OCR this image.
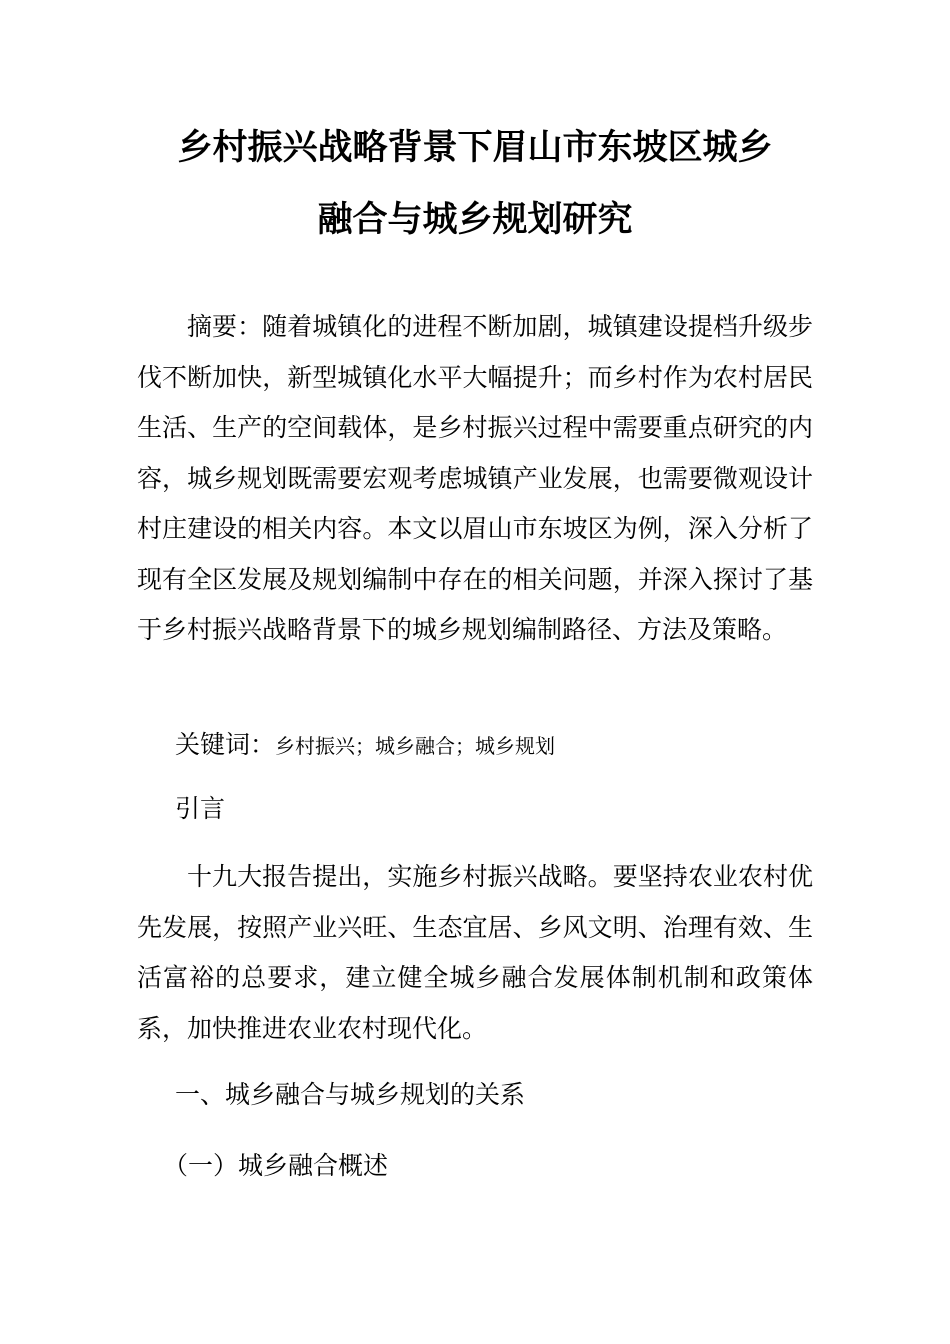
乡村振兴战略背景下眉山市东坡区城乡
融合与城乡规划研究

摘要：随着城镇化的进程不断加剧，城镇建设提档升级步伐不断加快，新型城镇化水平大幅提升；而乡村作为农村居民生活、生产的空间载体，是乡村振兴过程中需要重点研究的内容，城乡规划既需要宏观考虑城镇产业发展，也需要微观设计村庄建设的相关内容。本文以眉山市东坡区为例，深入分析了现有全区发展及规划编制中存在的相关问题，并深入探讨了基于乡村振兴战略背景下的城乡规划编制路径、方法及策略。

关键词：乡村振兴；城乡融合；城乡规划

引言

十九大报告提出，实施乡村振兴战略。要坚持农业农村优先发展，按照产业兴旺、生态宜居、乡风文明、治理有效、生活富裕的总要求，建立健全城乡融合发展体制机制和政策体系，加快推进农业农村现代化。

一、城乡融合与城乡规划的关系

（一）城乡融合概述
